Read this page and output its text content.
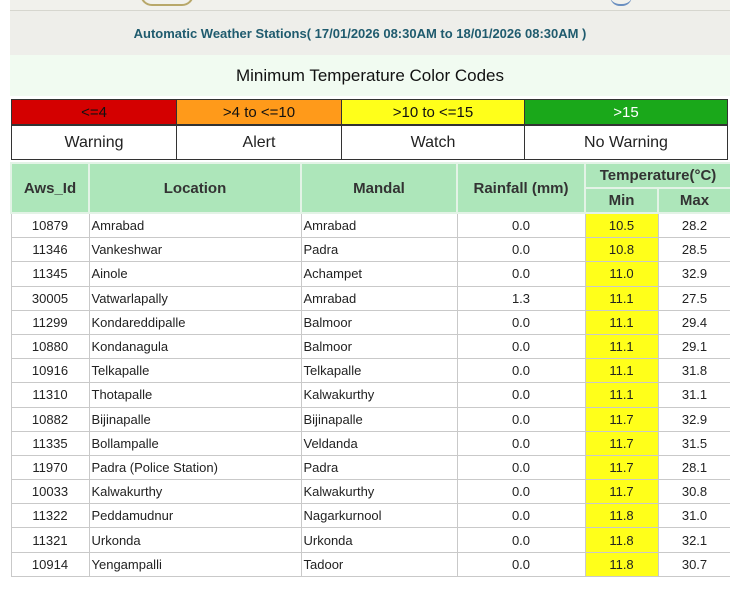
Automatic Weather Stations( 17/01/2026 08:30AM to 18/01/2026 08:30AM )
Minimum Temperature Color Codes
<=4	>4 to <=10	>10 to <=15	>15
Warning	Alert	Watch	No Warning
Aws_Id	Location	Mandal	Rainfall (mm)	Temperature(°C)	
				Min	Max
10879	Amrabad	Amrabad	0.0	10.5	28.2
11346	Vankeshwar	Padra	0.0	10.8	28.5
11345	Ainole	Achampet	0.0	11.0	32.9
30005	Vatwarlapally	Amrabad	1.3	11.1	27.5
11299	Kondareddipalle	Balmoor	0.0	11.1	29.4
10880	Kondanagula	Balmoor	0.0	11.1	29.1
10916	Telkapalle	Telkapalle	0.0	11.1	31.8
11310	Thotapalle	Kalwakurthy	0.0	11.1	31.1
10882	Bijinapalle	Bijinapalle	0.0	11.7	32.9
11335	Bollampalle	Veldanda	0.0	11.7	31.5
11970	Padra (Police Station)	Padra	0.0	11.7	28.1
10033	Kalwakurthy	Kalwakurthy	0.0	11.7	30.8
11322	Peddamudnur	Nagarkurnool	0.0	11.8	31.0
11321	Urkonda	Urkonda	0.0	11.8	32.1
10914	Yengampalli	Tadoor	0.0	11.8	30.7
